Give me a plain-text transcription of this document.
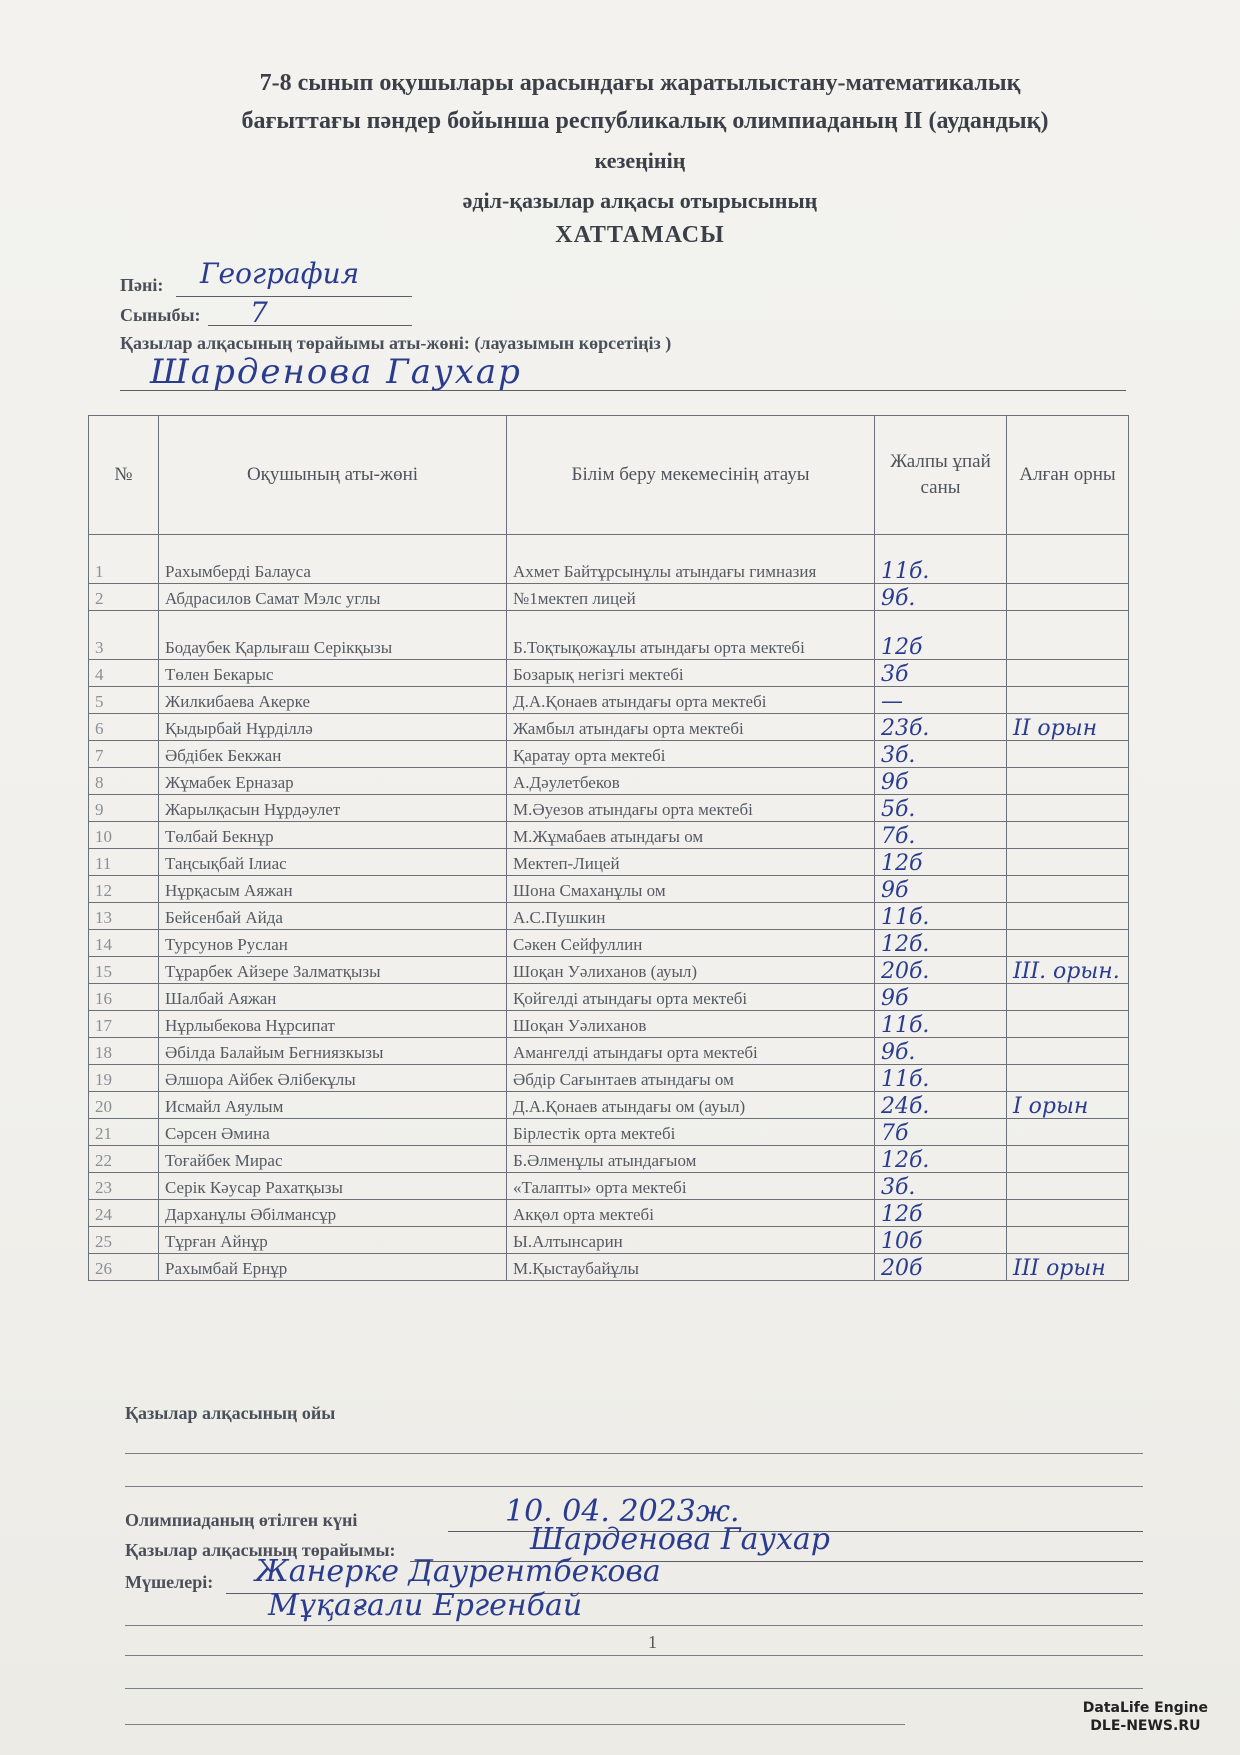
7-8 сынып оқушылары арасындағы жаратылыстану-математикалық
бағыттағы пәндер бойынша республикалық олимпиаданың II (аудандық)
кезеңінің
әділ-қазылар алқасы отырысының
ХАТТАМАСЫ
Пәні: География
Сыныбы: 7
Қазылар алқасының төрайымы аты-жөні: (лауазымын көрсетіңіз )
Шарденова Гаухар
№	Оқушының аты-жөні	Білім беру мекемесінің атауы	Жалпы ұпай саны	Алған орны
1	Рахымберді Балауса	Ахмет Байтұрсынұлы атындағы гимназия	11б.	
2	Абдрасилов Самат Мэлс углы	№1мектеп лицей	9б.	
3	Бодаубек Қарлығаш Серікқызы	Б.Тоқтықожаұлы атындағы орта мектебі	12б	
4	Төлен Бекарыс	Бозарық негізгі мектебі	3б	
5	Жилкибаева Акерке	Д.А.Қонаев атындағы орта мектебі	—	
6	Қыдырбай Нұрділлә	Жамбыл атындағы орта мектебі	23б.	II орын
7	Әбдібек Бекжан	Қаратау орта мектебі	3б.	
8	Жұмабек Ерназар	А.Дәулетбеков	9б	
9	Жарылқасын Нұрдәулет	М.Әуезов атындағы орта мектебі	5б.	
10	Төлбай Бекнұр	М.Жұмабаев атындағы ом	7б.	
11	Таңсықбай Ілиас	Мектеп-Лицей	12б	
12	Нұрқасым Аяжан	Шона Смаханұлы ом	9б	
13	Бейсенбай Айда	А.С.Пушкин	11б.	
14	Турсунов Руслан	Сәкен Сейфуллин	12б.	
15	Тұрарбек Айзере Залматқызы	Шоқан Уәлиханов (ауыл)	20б.	III. орын.
16	Шалбай Аяжан	Қойгелді атындағы орта мектебі	9б	
17	Нұрлыбекова Нұрсипат	Шоқан Уәлиханов	11б.	
18	Әбілда Балайым Бегниязкызы	Амангелді атындағы орта мектебі	9б.	
19	Әлшора Айбек Әлібекұлы	Әбдір Сағынтаев атындағы ом	11б.	
20	Исмайл Аяулым	Д.А.Қонаев атындағы ом (ауыл)	24б.	I орын
21	Сәрсен Әмина	Бірлестік орта мектебі	7б	
22	Тоғайбек Мирас	Б.Әлменұлы атындағыом	12б.	
23	Серік Кәусар Рахатқызы	«Талапты» орта мектебі	3б.	
24	Дарханұлы Әбілмансұр	Акқөл орта мектебі	12б	
25	Тұрған Айнұр	Ы.Алтынсарин	10б	
26	Рахымбай Ернұр	М.Қыстаубайұлы	20б	III орын
Қазылар алқасының ойы
Олимпиаданың өтілген күні	10. 04. 2023ж.
Қазылар алқасының төрайымы:	Шарденова Гаухар
Мүшелері: Жанерке Даурентбекова
Мұқағали Ергенбай
1
DataLife Engine
DLE-NEWS.RU
